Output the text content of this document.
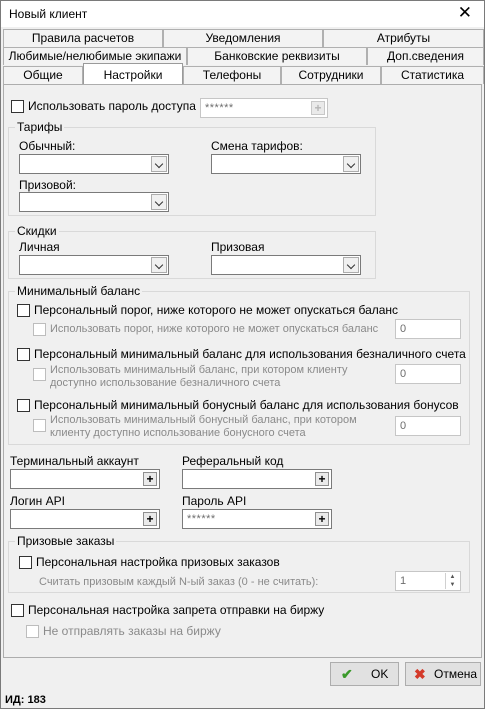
Новый клиент	✕
Правила расчетов	Уведомления	Атрибуты
Любимые/нелюбимые экипажи	Банковские реквизиты	Доп.сведения
Общие	Настройки	Телефоны	Сотрудники	Статистика
Использовать пароль доступа ******	+
Тарифы
Обычный:	Смена тарифов:
Призовой:
Скидки
Личная	Призовая
Минимальный баланс
Персональный порог, ниже которого не может опускаться баланс
Использовать порог, ниже которого не может опускаться баланс 0
Персональный минимальный баланс для использования безналичного счета
Использовать минимальный баланс, при котором клиенту
доступно использование безналичного счета
0
Персональный минимальный бонусный баланс для использования бонусов
Использовать минимальный бонусный баланс, при котором
клиенту доступно использование бонусного счета
0
Терминальный аккаунт
+
Реферальный код
+
Логин API
+
Пароль API
******	+
Призовые заказы
Персональная настройка призовых заказов
Считать призовым каждый N-ый заказ (0 - не считать):	1	▲
▼
Персональная настройка запрета отправки на биржу
Не отправлять заказы на биржу
✔ OK ✖ Отмена
ИД: 183
